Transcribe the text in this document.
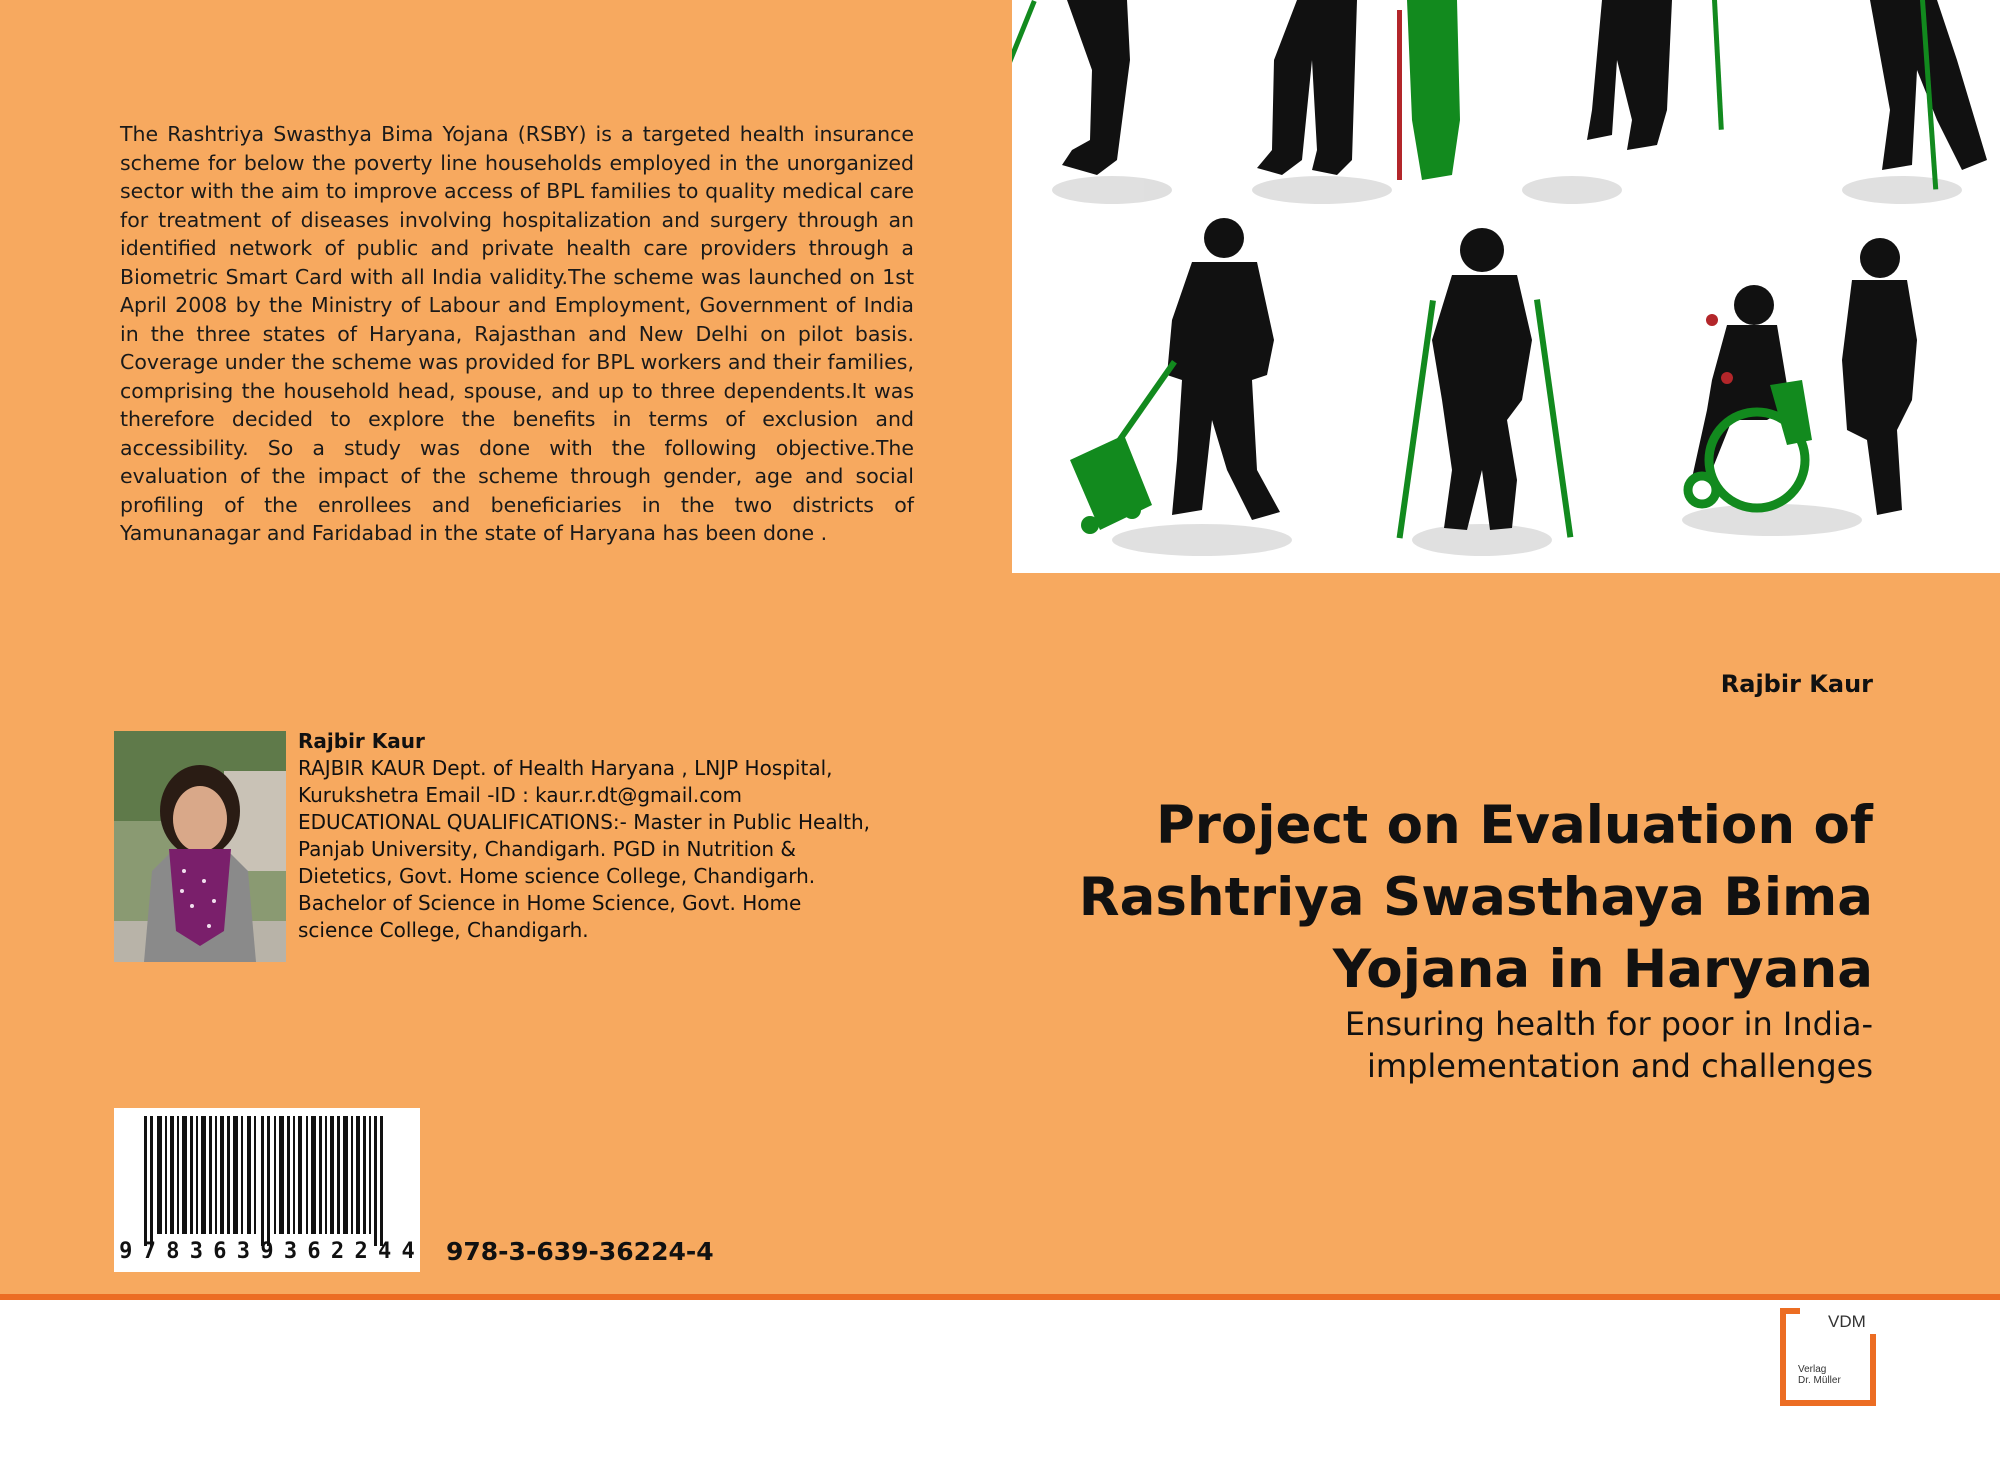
The Rashtriya Swasthya Bima Yojana (RSBY) is a targeted health insurance scheme for below the poverty line households employed in the unorganized sector with the aim to improve access of BPL families to quality medical care for treatment of diseases involving hospitalization and surgery through an identified network of public and private health care providers through a Biometric Smart Card with all India validity.The scheme was launched on 1st April 2008 by the Ministry of Labour and Employment, Government of India in the three states of Haryana, Rajasthan and New Delhi on pilot basis. Coverage under the scheme was provided for BPL workers and their families, comprising the household head, spouse, and up to three dependents.It was therefore decided to explore the benefits in terms of exclusion and accessibility. So a study was done with the following objective.The evaluation of the impact of the scheme through gender, age and social profiling of the enrollees and beneficiaries in the two districts of Yamunanagar and Faridabad in the state of Haryana has been done .
Rajbir Kaur
Project on Evaluation of Rashtriya Swasthaya Bima Yojana in Haryana
Ensuring health for poor in India- implementation and challenges
Rajbir Kaur
RAJBIR KAUR Dept. of Health Haryana , LNJP Hospital, Kurukshetra Email -ID : kaur.r.dt@gmail.com EDUCATIONAL QUALIFICATIONS:- Master in Public Health, Panjab University, Chandigarh. PGD in Nutrition & Dietetics, Govt. Home science College, Chandigarh. Bachelor of Science in Home Science, Govt. Home science College, Chandigarh.
9 7 8 3 6 3 9 3 6 2 2 4 4 978-3-639-36224-4
VDM
Verlag
Dr. Müller
